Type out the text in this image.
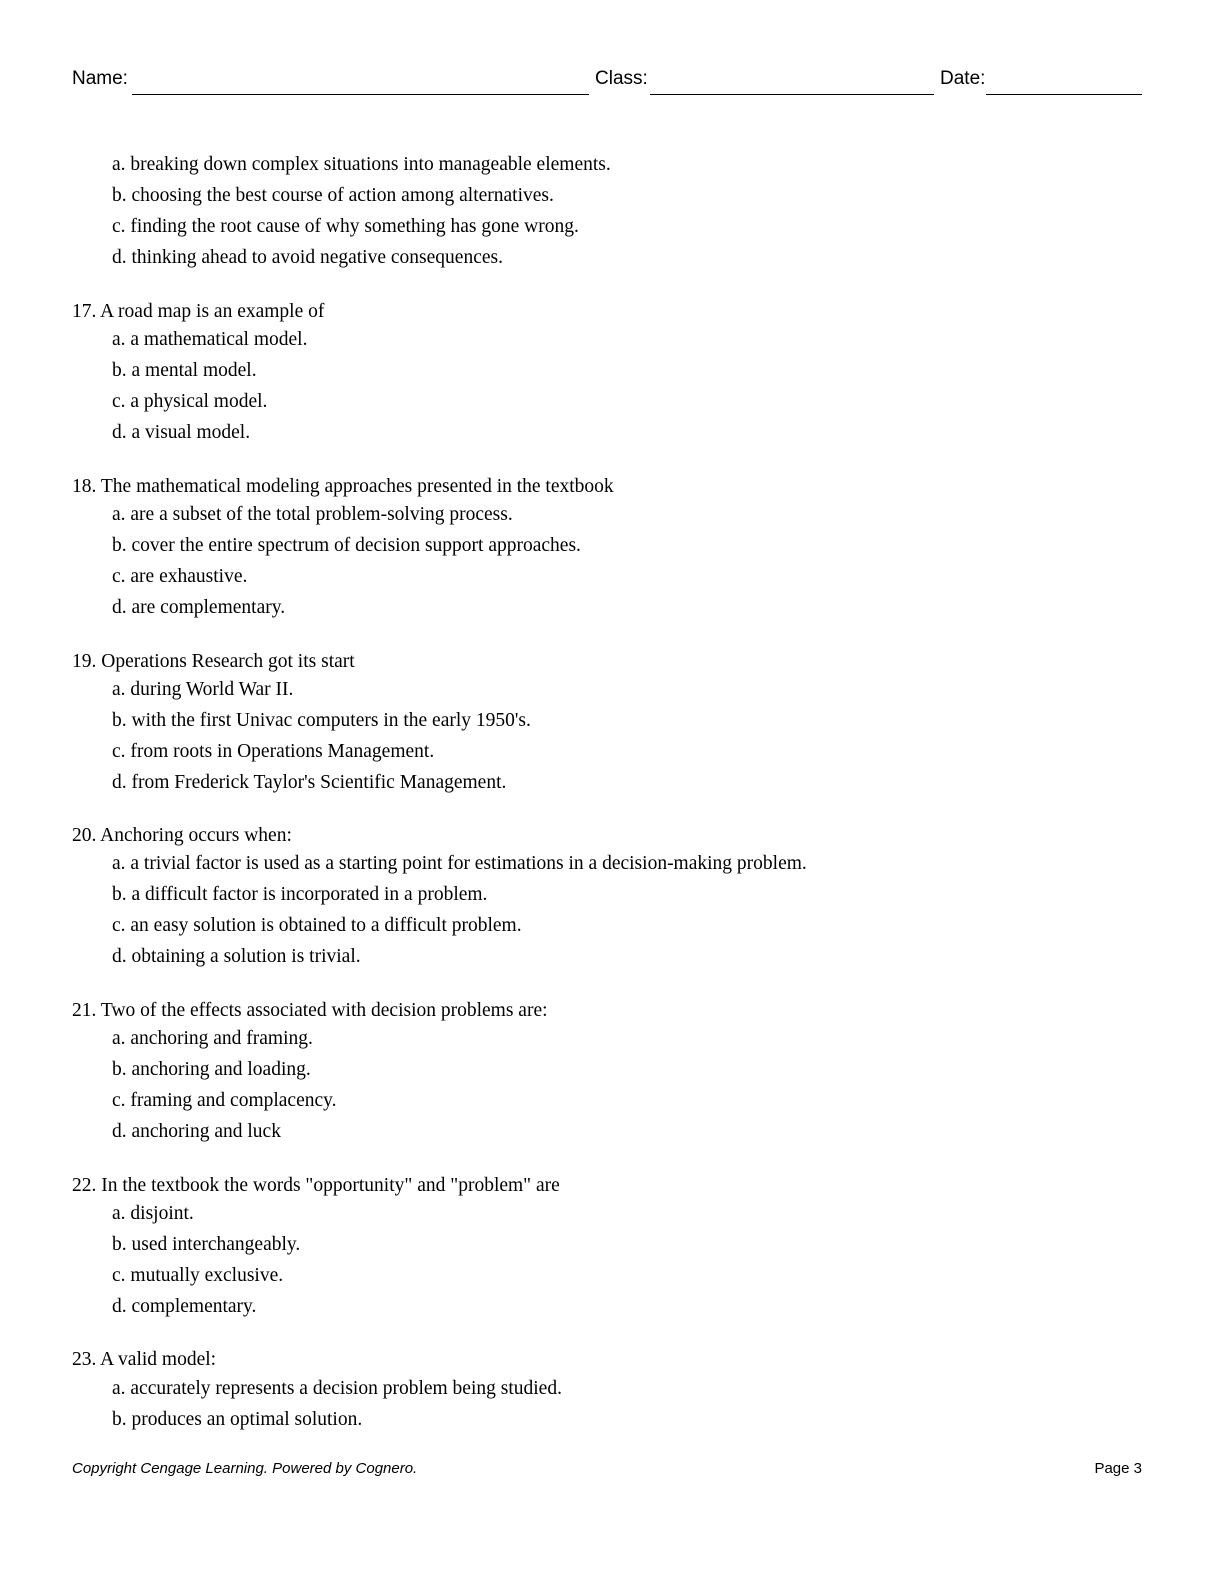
Name:	Class:	Date:
a. breaking down complex situations into manageable elements.
b. choosing the best course of action among alternatives.
c. finding the root cause of why something has gone wrong.
d. thinking ahead to avoid negative consequences.
17. A road map is an example of
a. a mathematical model.
b. a mental model.
c. a physical model.
d. a visual model.
18. The mathematical modeling approaches presented in the textbook
a. are a subset of the total problem-solving process.
b. cover the entire spectrum of decision support approaches.
c. are exhaustive.
d. are complementary.
19. Operations Research got its start
a. during World War II.
b. with the first Univac computers in the early 1950's.
c. from roots in Operations Management.
d. from Frederick Taylor's Scientific Management.
20. Anchoring occurs when:
a. a trivial factor is used as a starting point for estimations in a decision-making problem.
b. a difficult factor is incorporated in a problem.
c. an easy solution is obtained to a difficult problem.
d. obtaining a solution is trivial.
21. Two of the effects associated with decision problems are:
a. anchoring and framing.
b. anchoring and loading.
c. framing and complacency.
d. anchoring and luck
22. In the textbook the words "opportunity" and "problem" are
a. disjoint.
b. used interchangeably.
c. mutually exclusive.
d. complementary.
23. A valid model:
a. accurately represents a decision problem being studied.
b. produces an optimal solution.
Copyright Cengage Learning. Powered by Cognero.	Page 3
